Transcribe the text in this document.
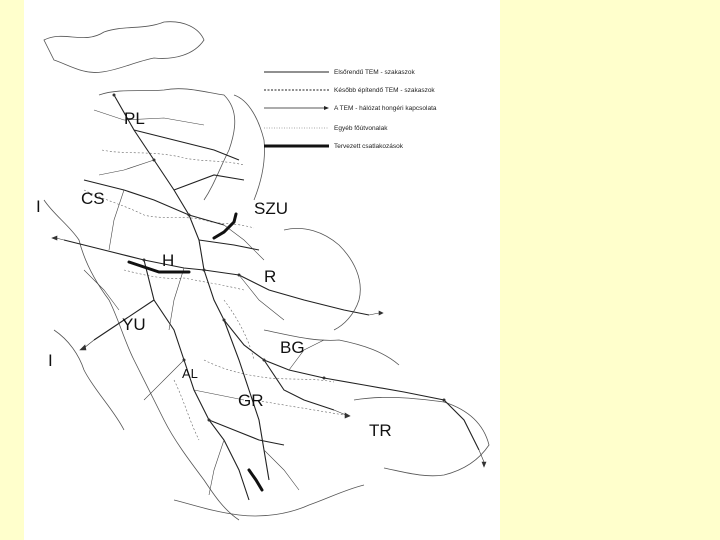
Elsőrendű TEM - szakaszok
Később építendő TEM - szakaszok
A TEM - hálózat hongéri kapcsolata
Egyéb főútvonalak
Tervezett csatlakozások
PL
CS
SZU
H
R
YU
BG
AL
GR
TR
I
I
